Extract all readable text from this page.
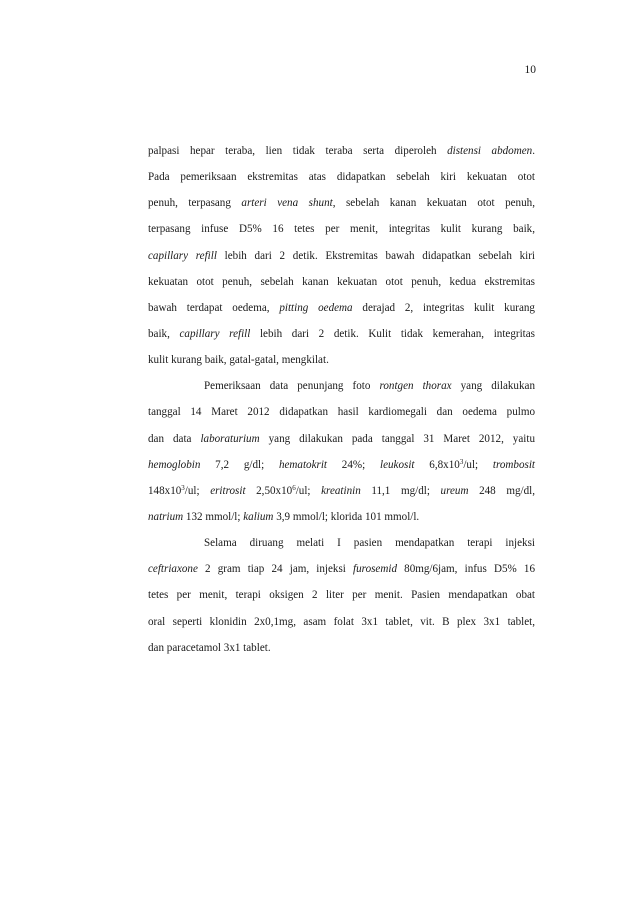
10
palpasi hepar teraba, lien tidak teraba serta diperoleh distensi abdomen.
Pada pemeriksaan ekstremitas atas didapatkan sebelah kiri kekuatan otot
penuh, terpasang arteri vena shunt, sebelah kanan kekuatan otot penuh,
terpasang infuse D5% 16 tetes per menit, integritas kulit kurang baik,
capillary refill lebih dari 2 detik. Ekstremitas bawah didapatkan sebelah kiri
kekuatan otot penuh, sebelah kanan kekuatan otot penuh, kedua ekstremitas
bawah terdapat oedema, pitting oedema derajad 2, integritas kulit kurang
baik, capillary refill lebih dari 2 detik. Kulit tidak kemerahan, integritas
kulit kurang baik, gatal-gatal, mengkilat.
Pemeriksaan data penunjang foto rontgen thorax yang dilakukan
tanggal 14 Maret 2012 didapatkan hasil kardiomegali dan oedema pulmo
dan data laboraturium yang dilakukan pada tanggal 31 Maret 2012, yaitu
hemoglobin 7,2 g/dl; hematokrit 24%; leukosit $6,8x10^3/ul$; trombosit
$148x10^3/ul$; eritrosit $2,50x10^6/ul$; kreatinin 11,1 mg/dl; ureum 248 mg/dl,
natrium 132 mmol/l; kalium 3,9 mmol/l; klorida 101 mmol/l.
Selama diruang melati I pasien mendapatkan terapi injeksi
ceftriaxone 2 gram tiap 24 jam, injeksi furosemid 80mg/6jam, infus D5% 16
tetes per menit, terapi oksigen 2 liter per menit. Pasien mendapatkan obat
oral seperti klonidin 2x0,1mg, asam folat 3x1 tablet, vit. B plex 3x1 tablet,
dan paracetamol 3x1 tablet.
